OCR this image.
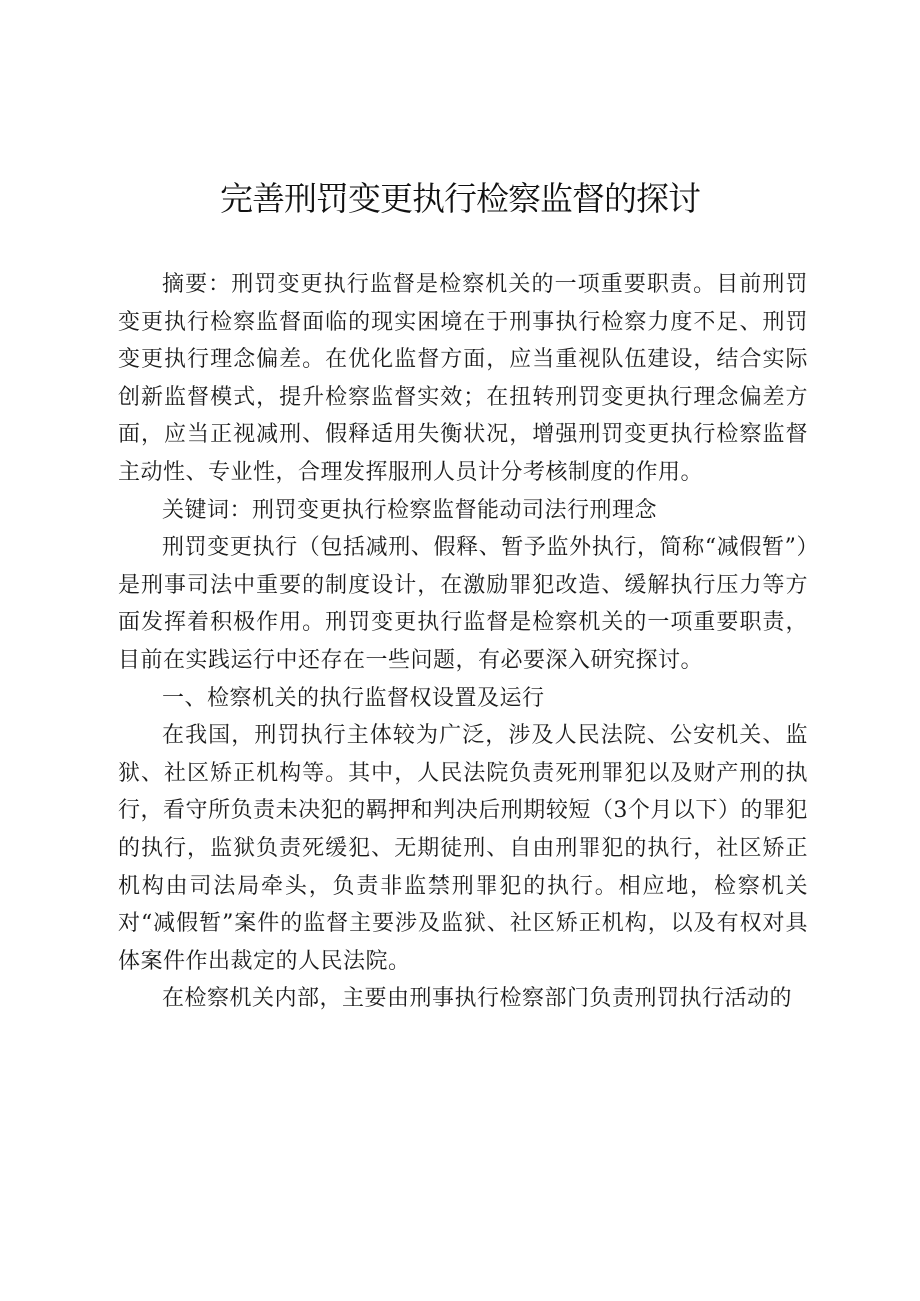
完善刑罚变更执行检察监督的探讨

摘要：刑罚变更执行监督是检察机关的一项重要职责。目前刑罚变更执行检察监督面临的现实困境在于刑事执行检察力度不足、刑罚变更执行理念偏差。在优化监督方面，应当重视队伍建设，结合实际创新监督模式，提升检察监督实效；在扭转刑罚变更执行理念偏差方面，应当正视减刑、假释适用失衡状况，增强刑罚变更执行检察监督主动性、专业性，合理发挥服刑人员计分考核制度的作用。

关键词：刑罚变更执行检察监督能动司法行刑理念

刑罚变更执行（包括减刑、假释、暂予监外执行，简称“减假暂”）是刑事司法中重要的制度设计，在激励罪犯改造、缓解执行压力等方面发挥着积极作用。刑罚变更执行监督是检察机关的一项重要职责，目前在实践运行中还存在一些问题，有必要深入研究探讨。

一、检察机关的执行监督权设置及运行

在我国，刑罚执行主体较为广泛，涉及人民法院、公安机关、监狱、社区矫正机构等。其中，人民法院负责死刑罪犯以及财产刑的执行，看守所负责未决犯的羁押和判决后刑期较短（3个月以下）的罪犯的执行，监狱负责死缓犯、无期徒刑、自由刑罪犯的执行，社区矫正机构由司法局牵头，负责非监禁刑罪犯的执行。相应地，检察机关对“减假暂”案件的监督主要涉及监狱、社区矫正机构，以及有权对具体案件作出裁定的人民法院。

在检察机关内部，主要由刑事执行检察部门负责刑罚执行活动的
